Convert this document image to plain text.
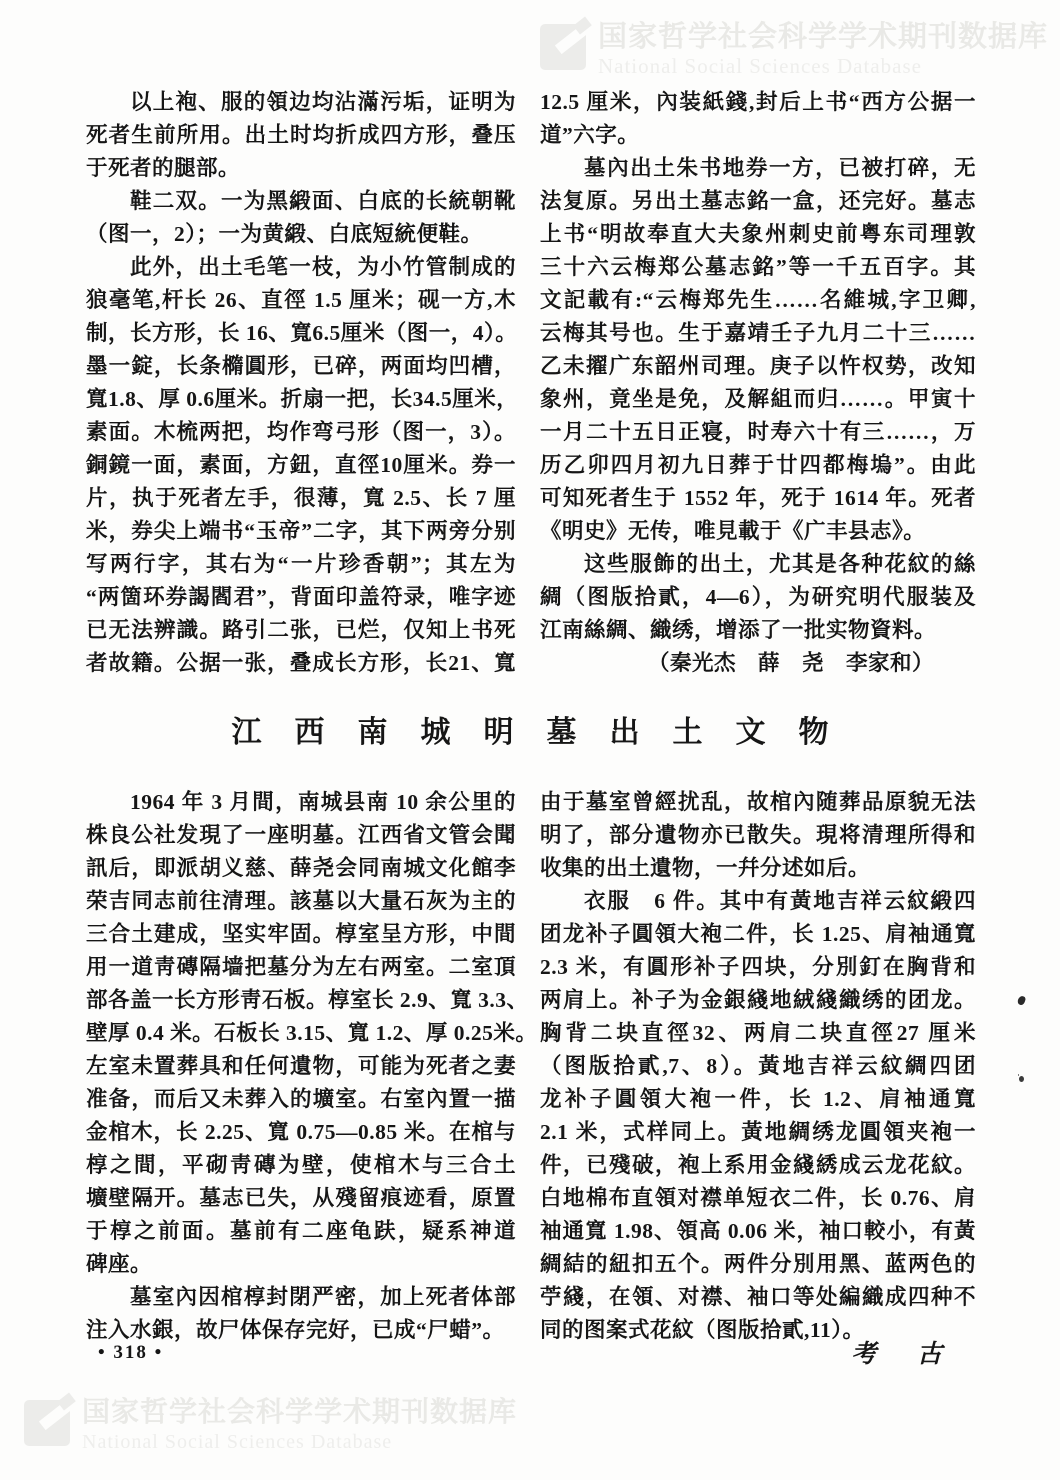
国家哲学社会科学学术期刊数据库
National Social Sciences Database
以上袍、服的領边均沾滿污垢，证明为
死者生前所用。出土时均折成四方形，叠压
于死者的腿部。
鞋二双。一为黑緞面、白底的长統朝靴
（图一，2）；一为黄緞、白底短統便鞋。
此外，出土毛笔一枝，为小竹管制成的
狼毫笔,杆长 26、直徑 1.5 厘米；砚一方,木
制，长方形，长 16、寬6.5厘米（图一，4）。
墨一錠，长条橢圓形，已碎，两面均凹槽，
寬1.8、厚 0.6厘米。折扇一把，长34.5厘米，
素面。木梳两把，均作弯弓形（图一，3）。
銅鏡一面，素面，方鈕，直徑10厘米。券一
片，执于死者左手，很薄，寬 2.5、长 7 厘
米，券尖上端书“玉帝”二字，其下两旁分别
写两行字，其右为“一片珍香朝”；其左为
“两箇环券謁閻君”，背面印盖符录，唯字迹
已无法辨識。路引二张，已烂，仅知上书死
者故籍。公据一张，叠成长方形，长21、寬
12.5 厘米，內装紙錢,封后上书“西方公据一
道”六字。
墓內出土朱书地券一方，已被打碎，无
法复原。另出土墓志銘一盒，还完好。墓志
上书“明故奉直大夫象州刺史前粤东司理敦
三十六云梅郑公墓志銘”等一千五百字。其
文記載有:“云梅郑先生……名維城,字卫卿,
云梅其号也。生于嘉靖壬子九月二十三……
乙未擢广东韶州司理。庚子以忤权势，改知
象州，竟坐是免，及解組而归……。甲寅十
一月二十五日正寝，时寿六十有三……，万
历乙卯四月初九日葬于廿四都梅塢”。由此
可知死者生于 1552 年，死于 1614 年。死者
《明史》无传，唯見載于《广丰县志》。
这些服飾的出土，尤其是各种花紋的絲
綢（图版拾貳，4—6），为研究明代服装及
江南絲綢、織绣，增添了一批实物資料。
（秦光杰　薛　尧　李家和）
江西南城明墓出土文物
1964 年 3 月間，南城县南 10 余公里的
株良公社发現了一座明墓。江西省文管会聞
訊后，即派胡义慈、薛尧会同南城文化館李
荣吉同志前往清理。該墓以大量石灰为主的
三合土建成，坚实牢固。椁室呈方形，中間
用一道靑磚隔墙把墓分为左右两室。二室頂
部各盖一长方形靑石板。椁室长 2.9、寬 3.3、
壁厚 0.4 米。石板长 3.15、寬 1.2、厚 0.25米。
左室未置葬具和任何遺物，可能为死者之妻
准备，而后又未葬入的壙室。右室內置一描
金棺木，长 2.25、寬 0.75—0.85 米。在棺与
椁之間，平砌靑磚为壁，使棺木与三合土
壙壁隔开。墓志已失，从殘留痕迹看，原置
于椁之前面。墓前有二座龟趺，疑系神道
碑座。
墓室內因棺椁封閉严密，加上死者体部
注入水銀，故尸体保存完好，已成“尸蜡”。
由于墓室曾經扰乱，故棺內随葬品原貌无法
明了，部分遺物亦已散失。現将清理所得和
收集的出土遺物，一幷分述如后。
衣服　6 件。其中有黃地吉祥云紋緞四
团龙补子圓領大袍二件，长 1.25、肩袖通寬
2.3 米，有圓形补子四块，分別釘在胸背和
两肩上。补子为金銀綫地絨綫織绣的团龙。
胸背二块直徑32、两肩二块直徑27 厘米
（图版拾貳,7、8）。黃地吉祥云紋綢四团
龙补子圓領大袍一件，长 1.2、肩袖通寬
2.1 米，式样同上。黃地綢绣龙圓領夹袍一
件，已殘破，袍上系用金綫綉成云龙花紋。
白地棉布直領对襟单短衣二件，长 0.76、肩
袖通寬 1.98、領高 0.06 米，袖口較小，有黃
綢結的紐扣五个。两件分別用黑、蓝两色的
苧綫，在領、对襟、袖口等处編織成四种不
同的图案式花紋（图版拾貳,11）。
• 318 •	考 古
国家哲学社会科学学术期刊数据库
National Social Sciences Database
